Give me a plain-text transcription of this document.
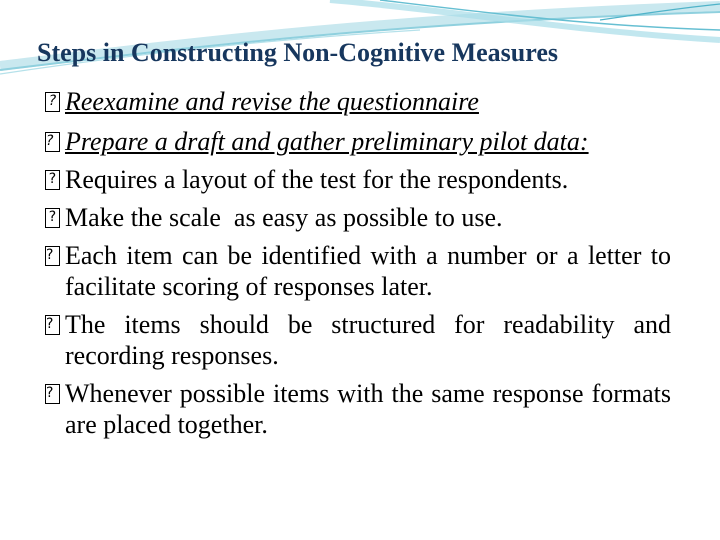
Steps in Constructing Non-Cognitive Measures
? Reexamine and revise the questionnaire
? Prepare a draft and gather preliminary pilot data:
? Requires a layout of the test for the respondents.
? Make the scale  as easy as possible to use.
? Each item can be identified with a number or a letter to facilitate scoring of responses later.
? The items should be structured for readability and recording responses.
? Whenever possible items with the same response formats are placed together.
